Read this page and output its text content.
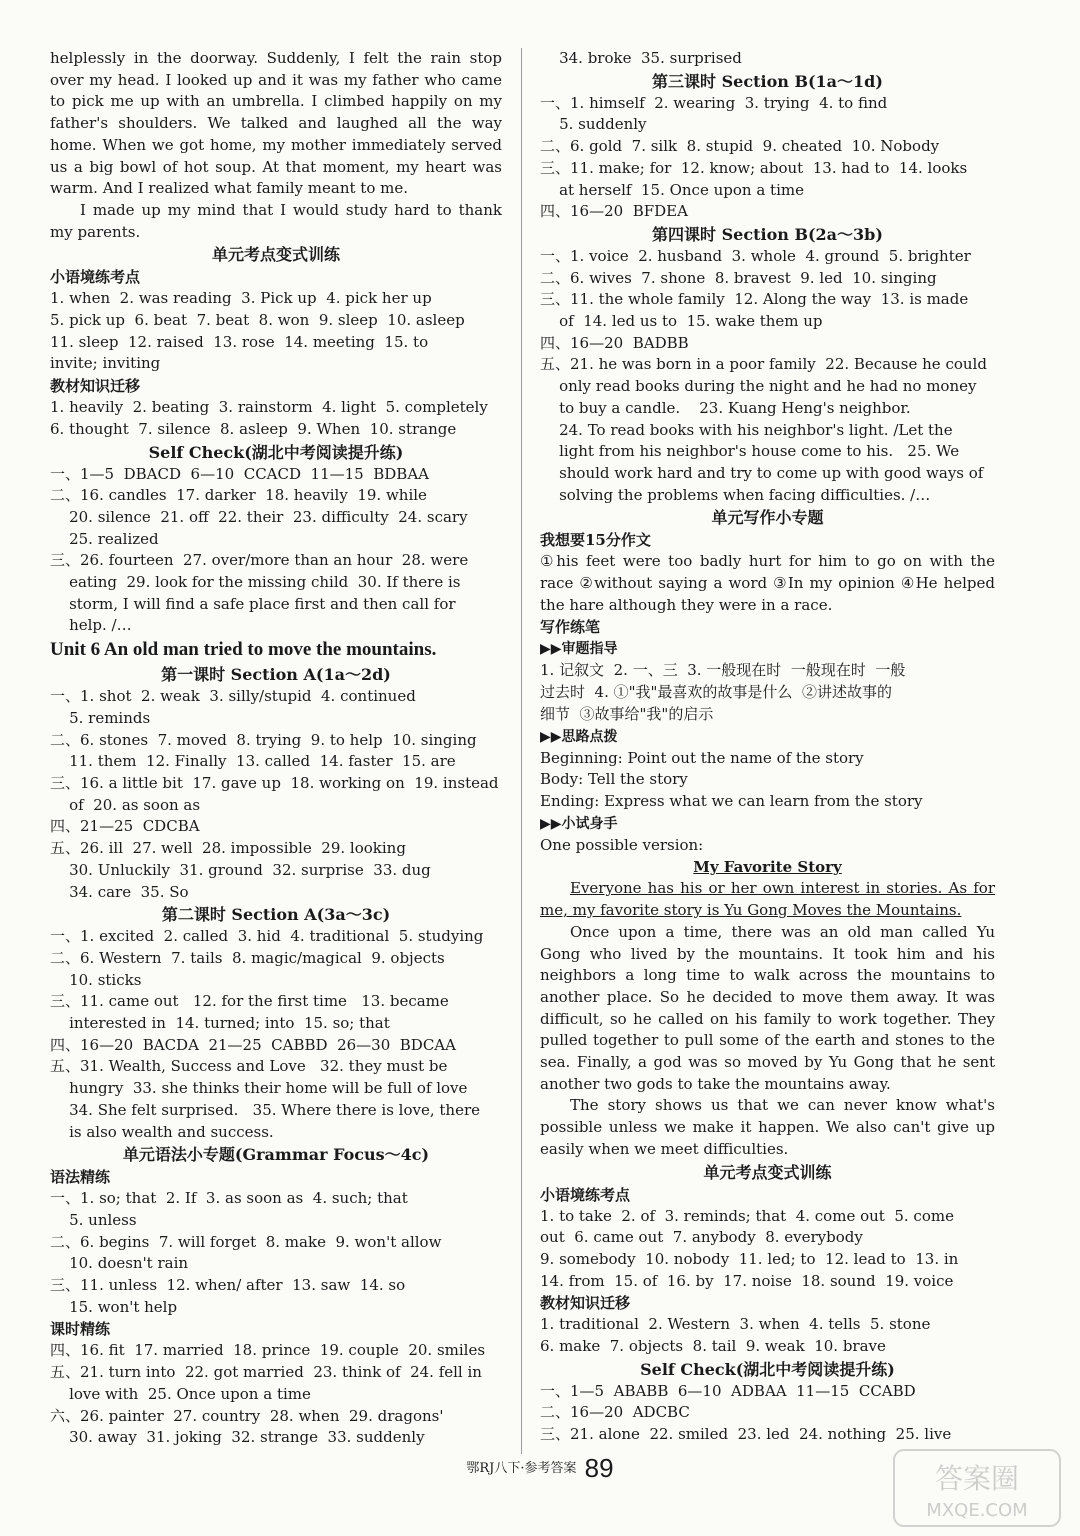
helplessly in the doorway. Suddenly, I felt the rain stop over my head. I looked up and it was my father who came to pick me up with an umbrella. I climbed happily on my father's shoulders. We talked and laughed all the way home. When we got home, my mother immediately served us a big bowl of hot soup. At that moment, my heart was warm. And I realized what family meant to me.

I made up my mind that I would study hard to thank my parents.

单元考点变式训练
小语境练考点
1. when  2. was reading  3. Pick up  4. pick her up
5. pick up  6. beat  7. beat  8. won  9. sleep  10. asleep
11. sleep  12. raised  13. rose  14. meeting  15. to
invite; inviting
教材知识迁移
1. heavily  2. beating  3. rainstorm  4. light  5. completely
6. thought  7. silence  8. asleep  9. When  10. strange
Self Check(湖北中考阅读提升练)
一、1—5  DBACD  6—10  CCACD  11—15  BDBAA
二、16. candles  17. darker  18. heavily  19. while
20. silence  21. off  22. their  23. difficulty  24. scary
25. realized
三、26. fourteen  27. over/more than an hour  28. were
eating  29. look for the missing child  30. If there is
storm, I will find a safe place first and then call for
help. /…
Unit 6 An old man tried to move the mountains.
第一课时 Section A(1a～2d)
一、1. shot  2. weak  3. silly/stupid  4. continued
5. reminds
二、6. stones  7. moved  8. trying  9. to help  10. singing
11. them  12. Finally  13. called  14. faster  15. are
三、16. a little bit  17. gave up  18. working on  19. instead
of  20. as soon as
四、21—25  CDCBA
五、26. ill  27. well  28. impossible  29. looking
30. Unluckily  31. ground  32. surprise  33. dug
34. care  35. So
第二课时 Section A(3a～3c)
一、1. excited  2. called  3. hid  4. traditional  5. studying
二、6. Western  7. tails  8. magic/magical  9. objects
10. sticks
三、11. came out   12. for the first time   13. became
interested in  14. turned; into  15. so; that
四、16—20  BACDA  21—25  CABBD  26—30  BDCAA
五、31. Wealth, Success and Love   32. they must be
hungry  33. she thinks their home will be full of love
34. She felt surprised.   35. Where there is love, there
is also wealth and success.
单元语法小专题(Grammar Focus～4c)
语法精练
一、1. so; that  2. If  3. as soon as  4. such; that
5. unless
二、6. begins  7. will forget  8. make  9. won't allow
10. doesn't rain
三、11. unless  12. when/ after  13. saw  14. so
15. won't help
课时精练
四、16. fit  17. married  18. prince  19. couple  20. smiles
五、21. turn into  22. got married  23. think of  24. fell in
love with  25. Once upon a time
六、26. painter  27. country  28. when  29. dragons'
30. away  31. joking  32. strange  33. suddenly
34. broke  35. surprised
第三课时 Section B(1a～1d)
一、1. himself  2. wearing  3. trying  4. to find
5. suddenly
二、6. gold  7. silk  8. stupid  9. cheated  10. Nobody
三、11. make; for  12. know; about  13. had to  14. looks
at herself  15. Once upon a time
四、16—20  BFDEA
第四课时 Section B(2a～3b)
一、1. voice  2. husband  3. whole  4. ground  5. brighter
二、6. wives  7. shone  8. bravest  9. led  10. singing
三、11. the whole family  12. Along the way  13. is made
of  14. led us to  15. wake them up
四、16—20  BADBB
五、21. he was born in a poor family  22. Because he could
only read books during the night and he had no money
to buy a candle.    23. Kuang Heng's neighbor.
24. To read books with his neighbor's light. /Let the
light from his neighbor's house come to his.   25. We
should work hard and try to come up with good ways of
solving the problems when facing difficulties. /…
单元写作小专题
我想要15分作文

①his feet were too badly hurt for him to go on with the race ②without saying a word ③In my opinion ④He helped the hare although they were in a race.

写作练笔
▶▶审题指导
1. 记叙文  2. 一、三  3. 一般现在时  一般现在时  一般
过去时  4. ①"我"最喜欢的故事是什么  ②讲述故事的
细节  ③故事给"我"的启示
▶▶思路点拨
Beginning: Point out the name of the story
Body: Tell the story
Ending: Express what we can learn from the story
▶▶小试身手
One possible version:
My Favorite Story

Everyone has his or her own interest in stories. As for me, my favorite story is Yu Gong Moves the Mountains.

Once upon a time, there was an old man called Yu Gong who lived by the mountains. It took him and his neighbors a long time to walk across the mountains to another place. So he decided to move them away. It was difficult, so he called on his family to work together. They pulled together to pull some of the earth and stones to the sea. Finally, a god was so moved by Yu Gong that he sent another two gods to take the mountains away.

The story shows us that we can never know what's possible unless we make it happen. We also can't give up easily when we meet difficulties.

单元考点变式训练
小语境练考点
1. to take  2. of  3. reminds; that  4. come out  5. come
out  6. came out  7. anybody  8. everybody
9. somebody  10. nobody  11. led; to  12. lead to  13. in
14. from  15. of  16. by  17. noise  18. sound  19. voice
教材知识迁移
1. traditional  2. Western  3. when  4. tells  5. stone
6. make  7. objects  8. tail  9. weak  10. brave
Self Check(湖北中考阅读提升练)
一、1—5  ABABB  6—10  ADBAA  11—15  CCABD
二、16—20  ADCBC
三、21. alone  22. smiled  23. led  24. nothing  25. live
鄂RJ八下·参考答案 89	答案圈
MXQE.COM
